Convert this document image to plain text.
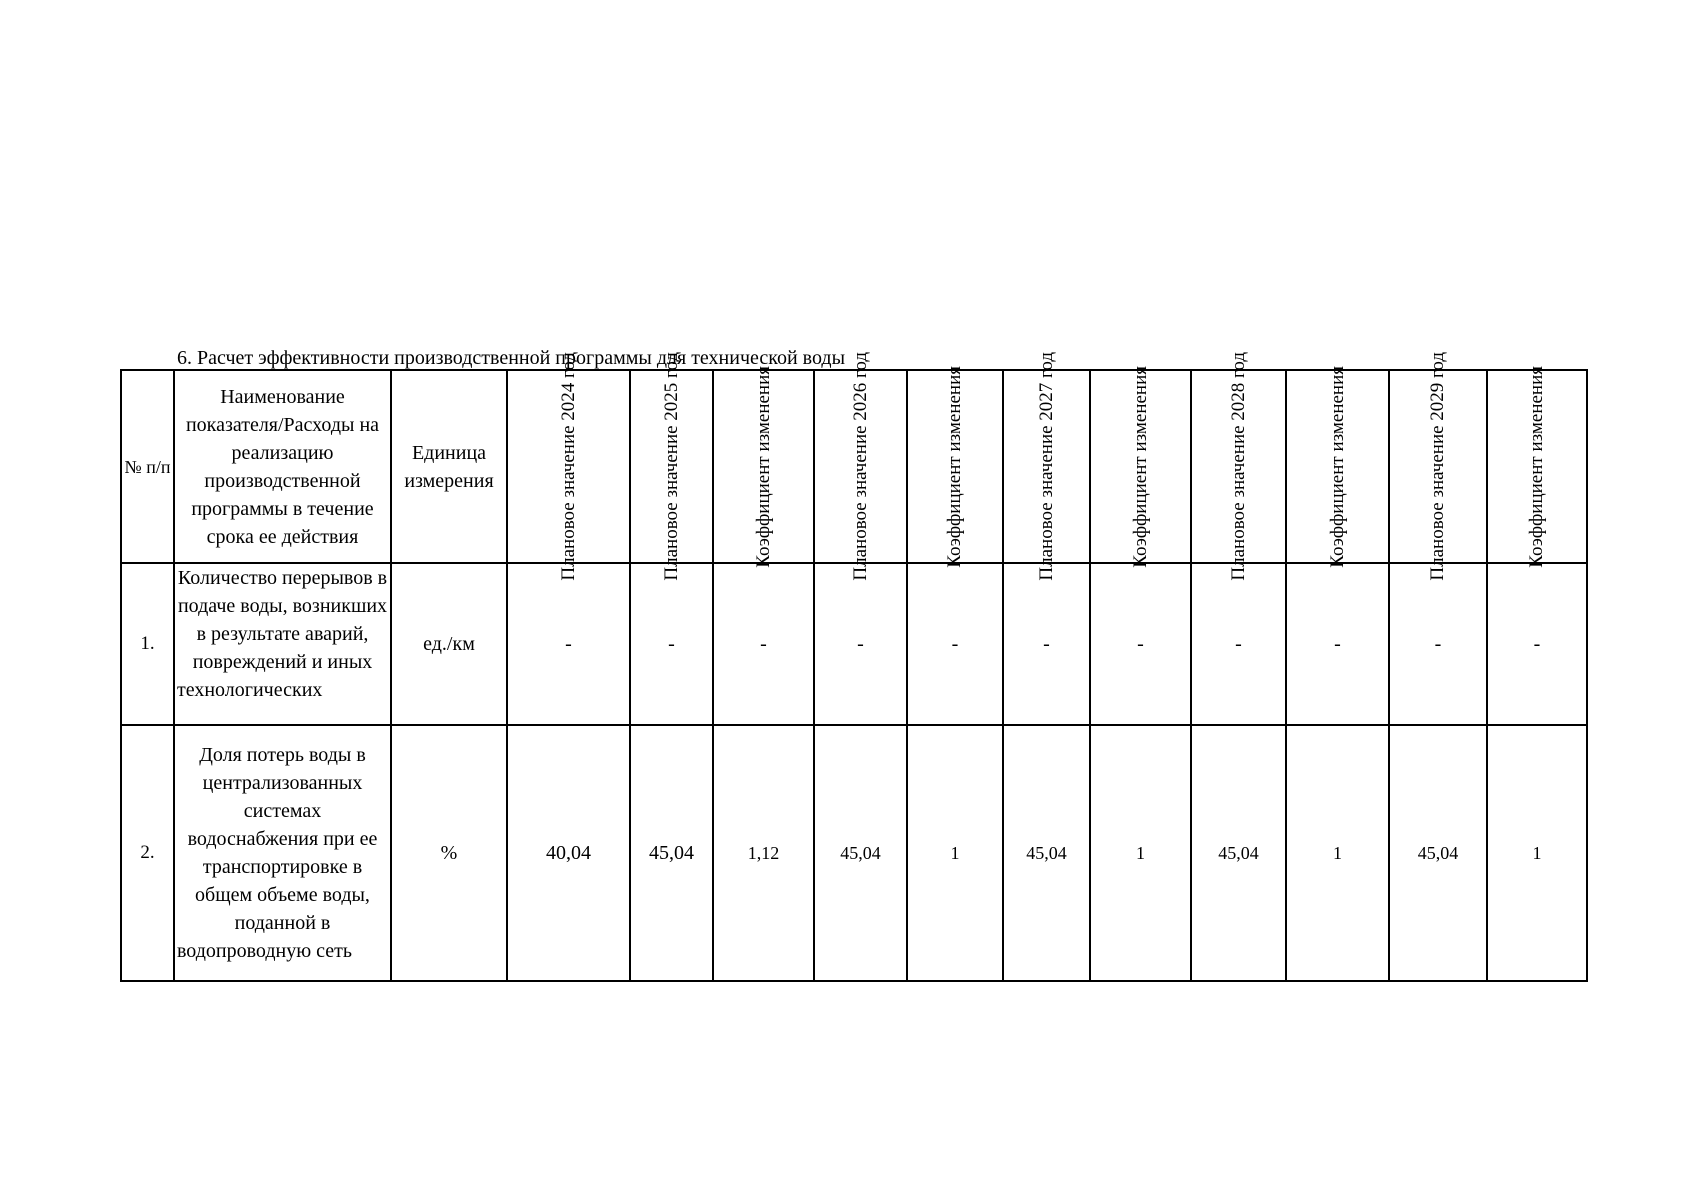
6. Расчет эффективности производственной программы для технической воды
№ п/п	Наименование показателя/Расходы на реализацию производственной программы в течение срока ее действия	Единица измерения	Плановое значение 2024 год	Плановое значение 2025 год	Коэффициент изменения	Плановое значение 2026 год	Коэффициент изменения	Плановое значение 2027 год	Коэффициент изменения	Плановое значение 2028 год	Коэффициент изменения	Плановое значение 2029 год	Коэффициент изменения

1.	Количество перерывов в подаче воды, возникших в результате аварий, повреждений и иных технологических	ед./км	-	-	-	-	-	-	-	-	-	-	-
2.	Доля потерь воды в централизованных системах водоснабжения при ее транспортировке в общем объеме воды, поданной в водопроводную сеть	%	40,04	45,04	1,12	45,04	1	45,04	1	45,04	1	45,04	1
